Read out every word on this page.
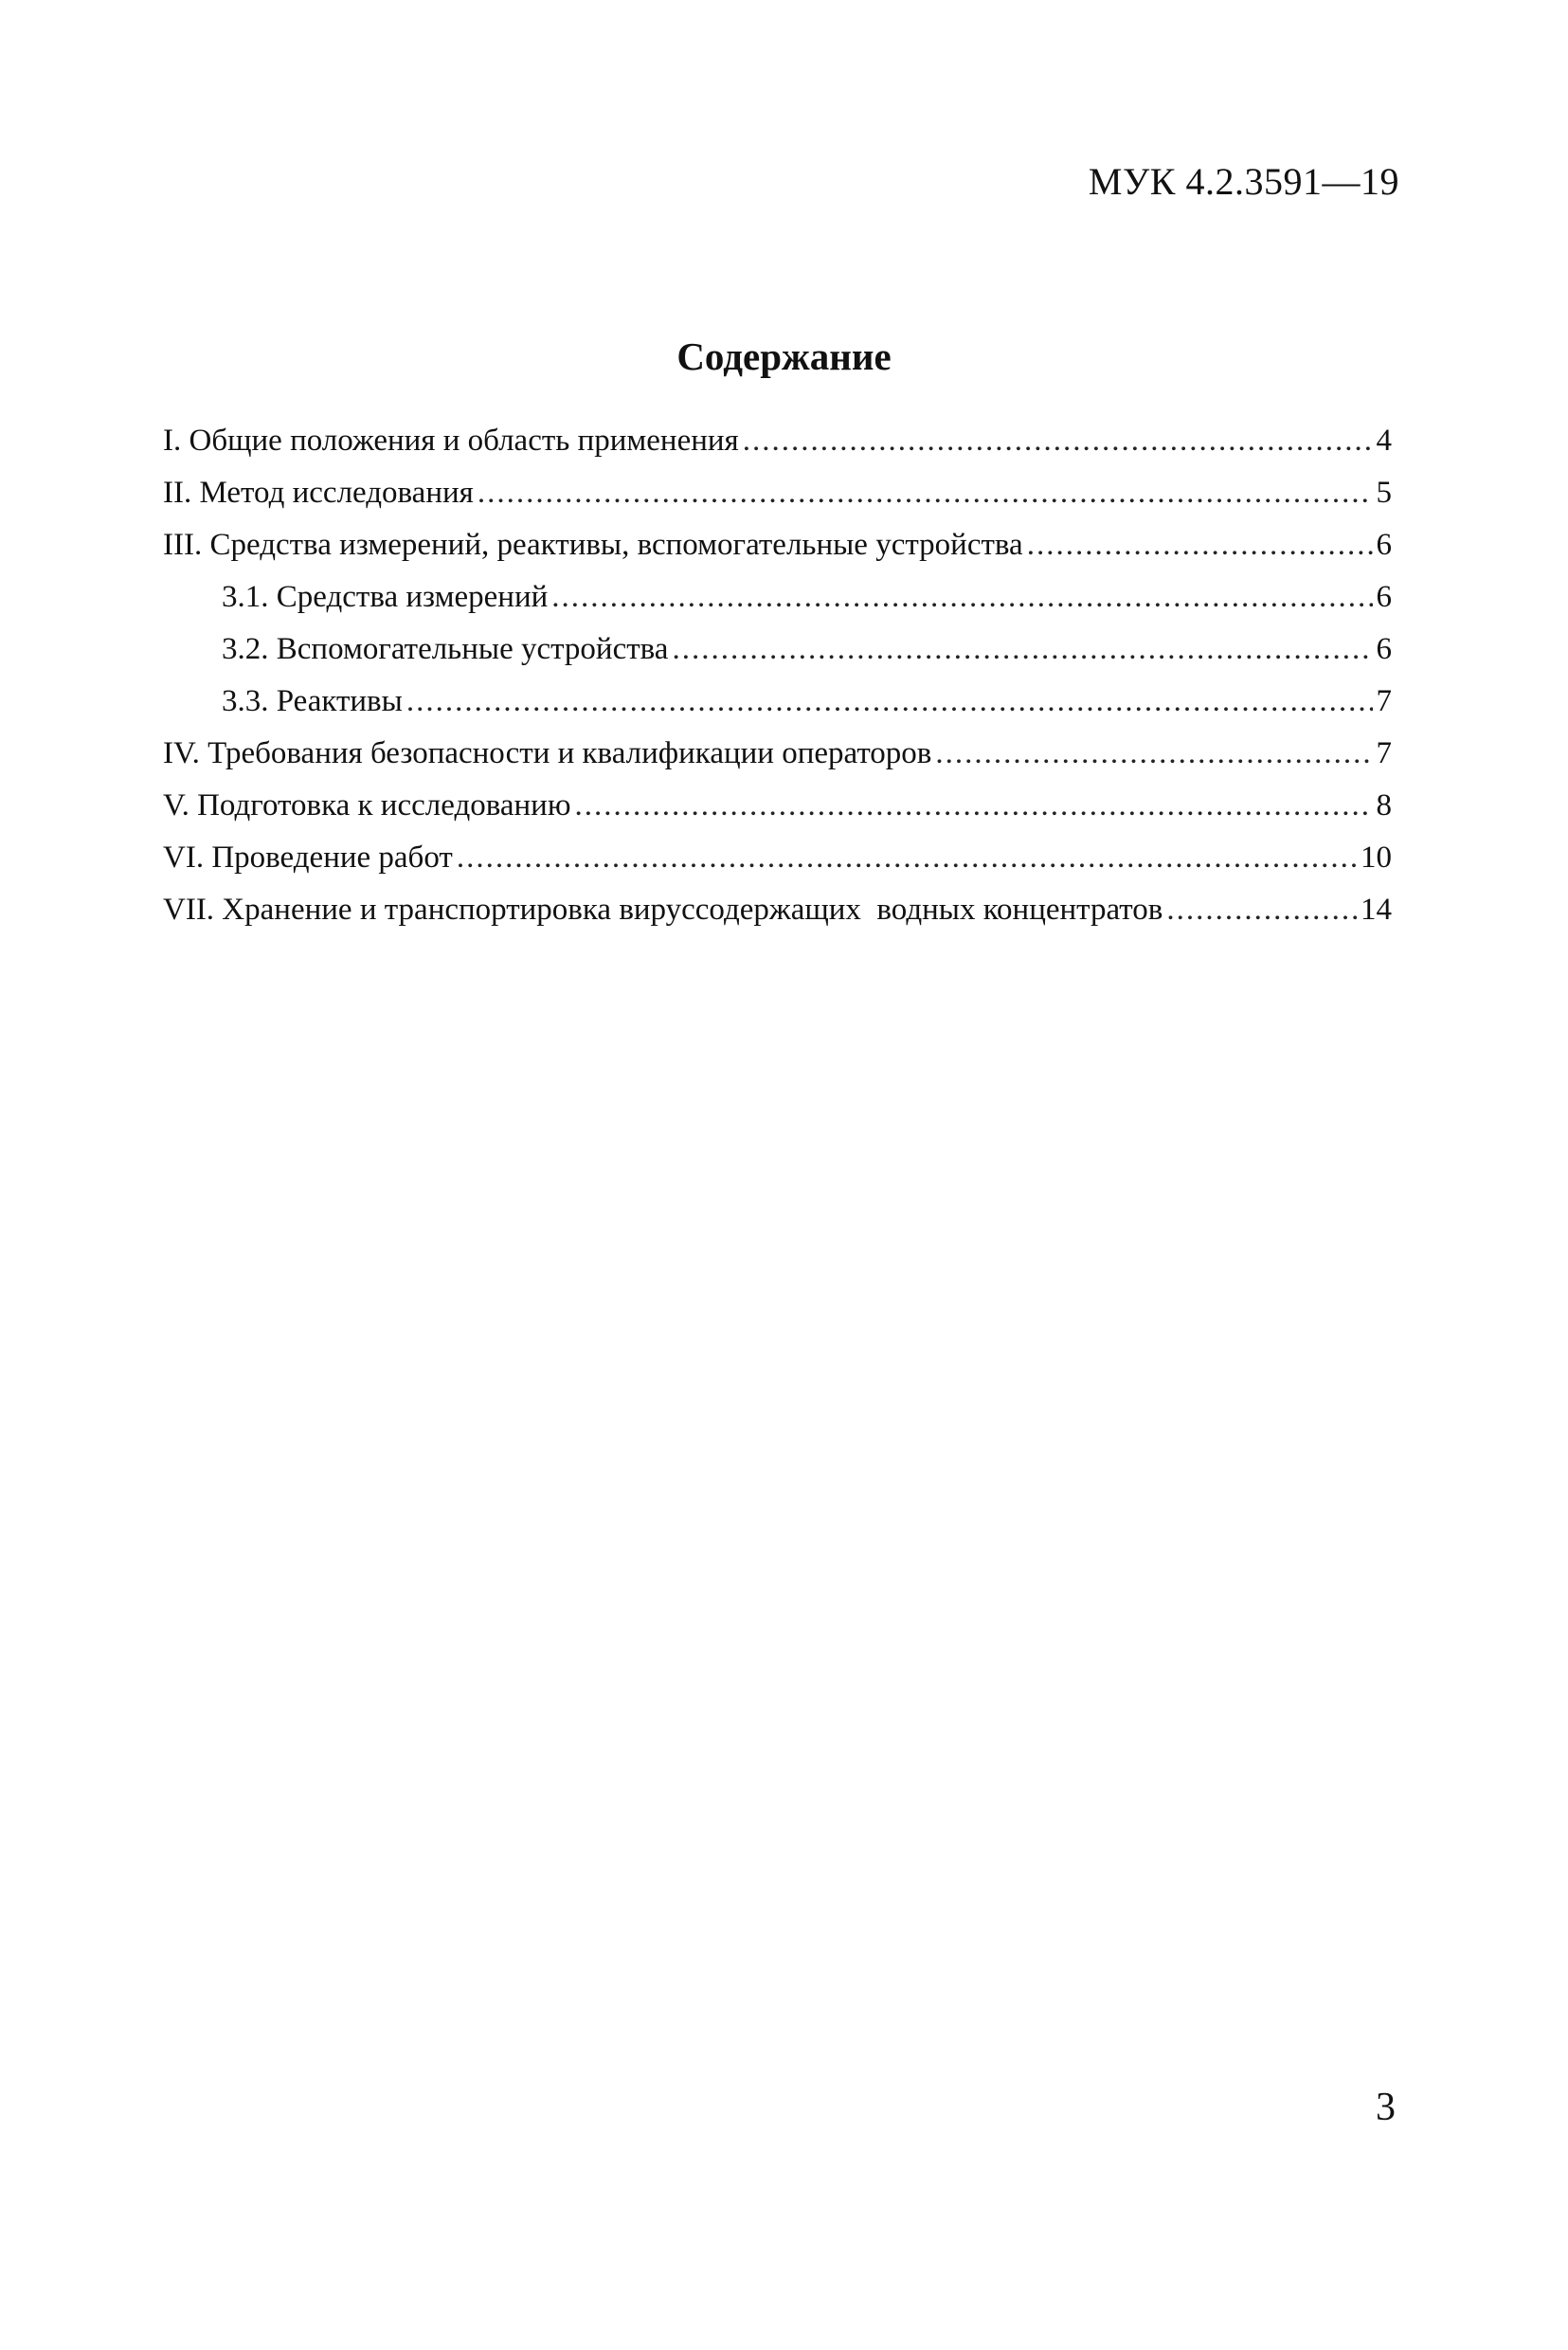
МУК 4.2.3591—19
Содержание
I. Общие положения и область применения .....	4
II. Метод исследования .....	5
III. Средства измерений, реактивы, вспомогательные устройства .....	6
3.1. Средства измерений .....	6
3.2. Вспомогательные устройства .....	6
3.3. Реактивы .....	7
IV. Требования безопасности и квалификации операторов .....	7
V. Подготовка к исследованию .....	8
VI. Проведение работ .....	10
VII. Хранение и транспортировка вируссодержащих  водных концентратов .....	14
3
